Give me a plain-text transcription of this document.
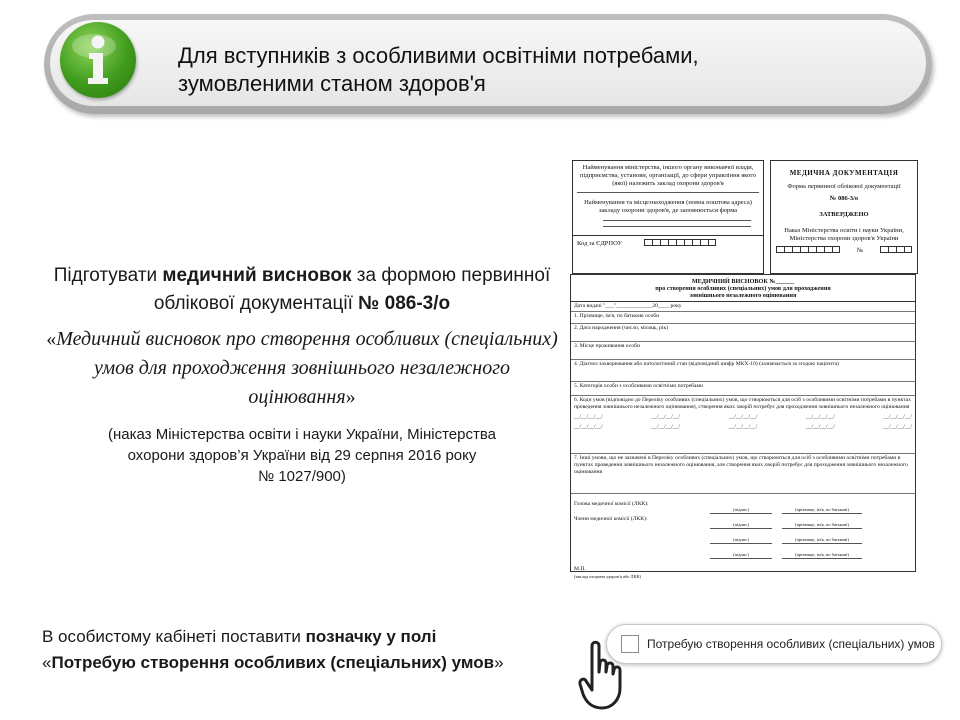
Для вступників з особливими освітніми потребами,
зумовленими станом здоров'я
Підготувати медичний висновок за формою первинної облікової документації № 086-3/о
«Медичний висновок про створення особливих (спеціальних) умов для проходження зовнішнього незалежного оцінювання»
(наказ Міністерства освіти і науки України, Міністерства
охорони здоров’я України від 29 серпня 2016 року
№ 1027/900)
В особистому кабінеті поставити позначку у полі
«Потребую створення особливих (спеціальних) умов»
Потребую створення особливих (спеціальних) умов
Найменування міністерства, іншого органу виконавчої влади, підприємства, установи, організації, до сфери управління якого (якої) належить заклад охорони здоров'я
Найменування та місцезнаходження (повна поштова адреса) закладу охорони здоров'я, де заповнюється форма
Код за ЄДРПОУ
МЕДИЧНА ДОКУМЕНТАЦІЯ
Форма первинної облікової документації
№ 086-3/о
ЗАТВЕРДЖЕНО
Наказ Міністерства освіти і науки України, Міністерства охорони здоров'я України
№
МЕДИЧНИЙ ВИСНОВОК №______
про створення особливих (спеціальних) умов для проходження
зовнішнього незалежного оцінювання
Дата видачі "___"_____________20____ року
1. Прізвище, ім'я, по батькові особи
2. Дата народження (число, місяць, рік)
3. Місце проживання особи
4. Діагноз захворювання або патологічний стан (відповідний шифр МКХ-10) (зазначається за згодою пацієнта)
5. Категорія особи з особливими освітніми потребами
6. Коди умов (відповідно до Переліку особливих (спеціальних) умов, що створюються для осіб з особливими освітніми потребами в пунктах проведення зовнішнього незалежного оцінювання), створення яких хворій потребує для проходження зовнішнього незалежного оцінювання
__/__/__/__/	__/__/__/__/	__/__/__/__/	__/__/__/__/	__/__/__/__/
__/__/__/__/	__/__/__/__/	__/__/__/__/	__/__/__/__/	__/__/__/__/
7. Інші умови, що не зазначені в Переліку особливих (спеціальних) умов, що створюються для осіб з особливими освітніми потребами в пунктах проведення зовнішнього незалежного оцінювання, але створення яких хворій потребує для проходження зовнішнього незалежного оцінювання
Голова медичної комісії (ЛКК):
(підпис)	(прізвище, ім'я, по батькові)
Члени медичної комісії (ЛКК):
(підпис)	(прізвище, ім'я, по батькові)
(підпис)	(прізвище, ім'я, по батькові)
(підпис)	(прізвище, ім'я, по батькові)
М.П.
(заклад охорони здоров'я або ЛКК)
